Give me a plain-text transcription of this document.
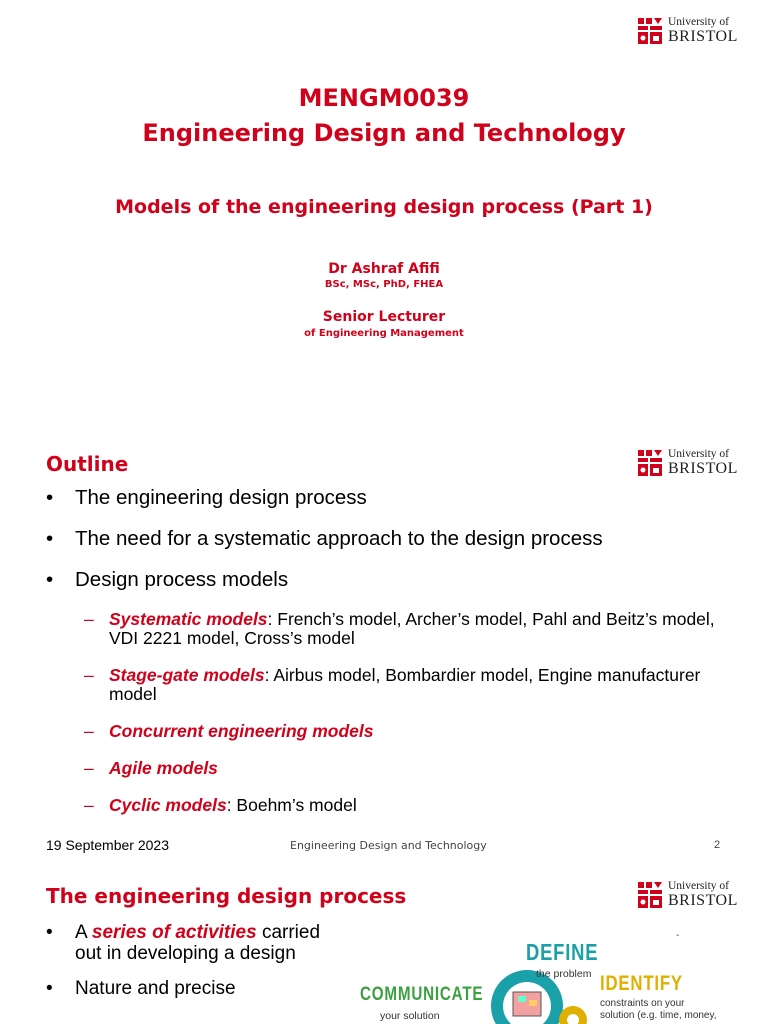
University of
BRISTOL
MENGM0039
Engineering Design and Technology
Models of the engineering design process (Part 1)
Dr Ashraf Afifi
BSc, MSc, PhD, FHEA
Senior Lecturer
of Engineering Management
University of
BRISTOL
Outline
• The engineering design process
• The need for a systematic approach to the design process
• Design process models
– Systematic models: French’s model, Archer’s model, Pahl and Beitz’s model, VDI 2221 model, Cross’s model
– Stage-gate models: Airbus model, Bombardier model, Engine manufacturer model
– Concurrent engineering models
– Agile models
– Cyclic models: Boehm’s model
19 September 2023	Engineering Design and Technology	2
University of
BRISTOL
The engineering design process
• A series of activities carried out in developing a design
• Nature and precise
-
DEFINE
the problem IDENTIFY
constraints on your
solution (e.g. time, money,
COMMUNICATE
your solution
